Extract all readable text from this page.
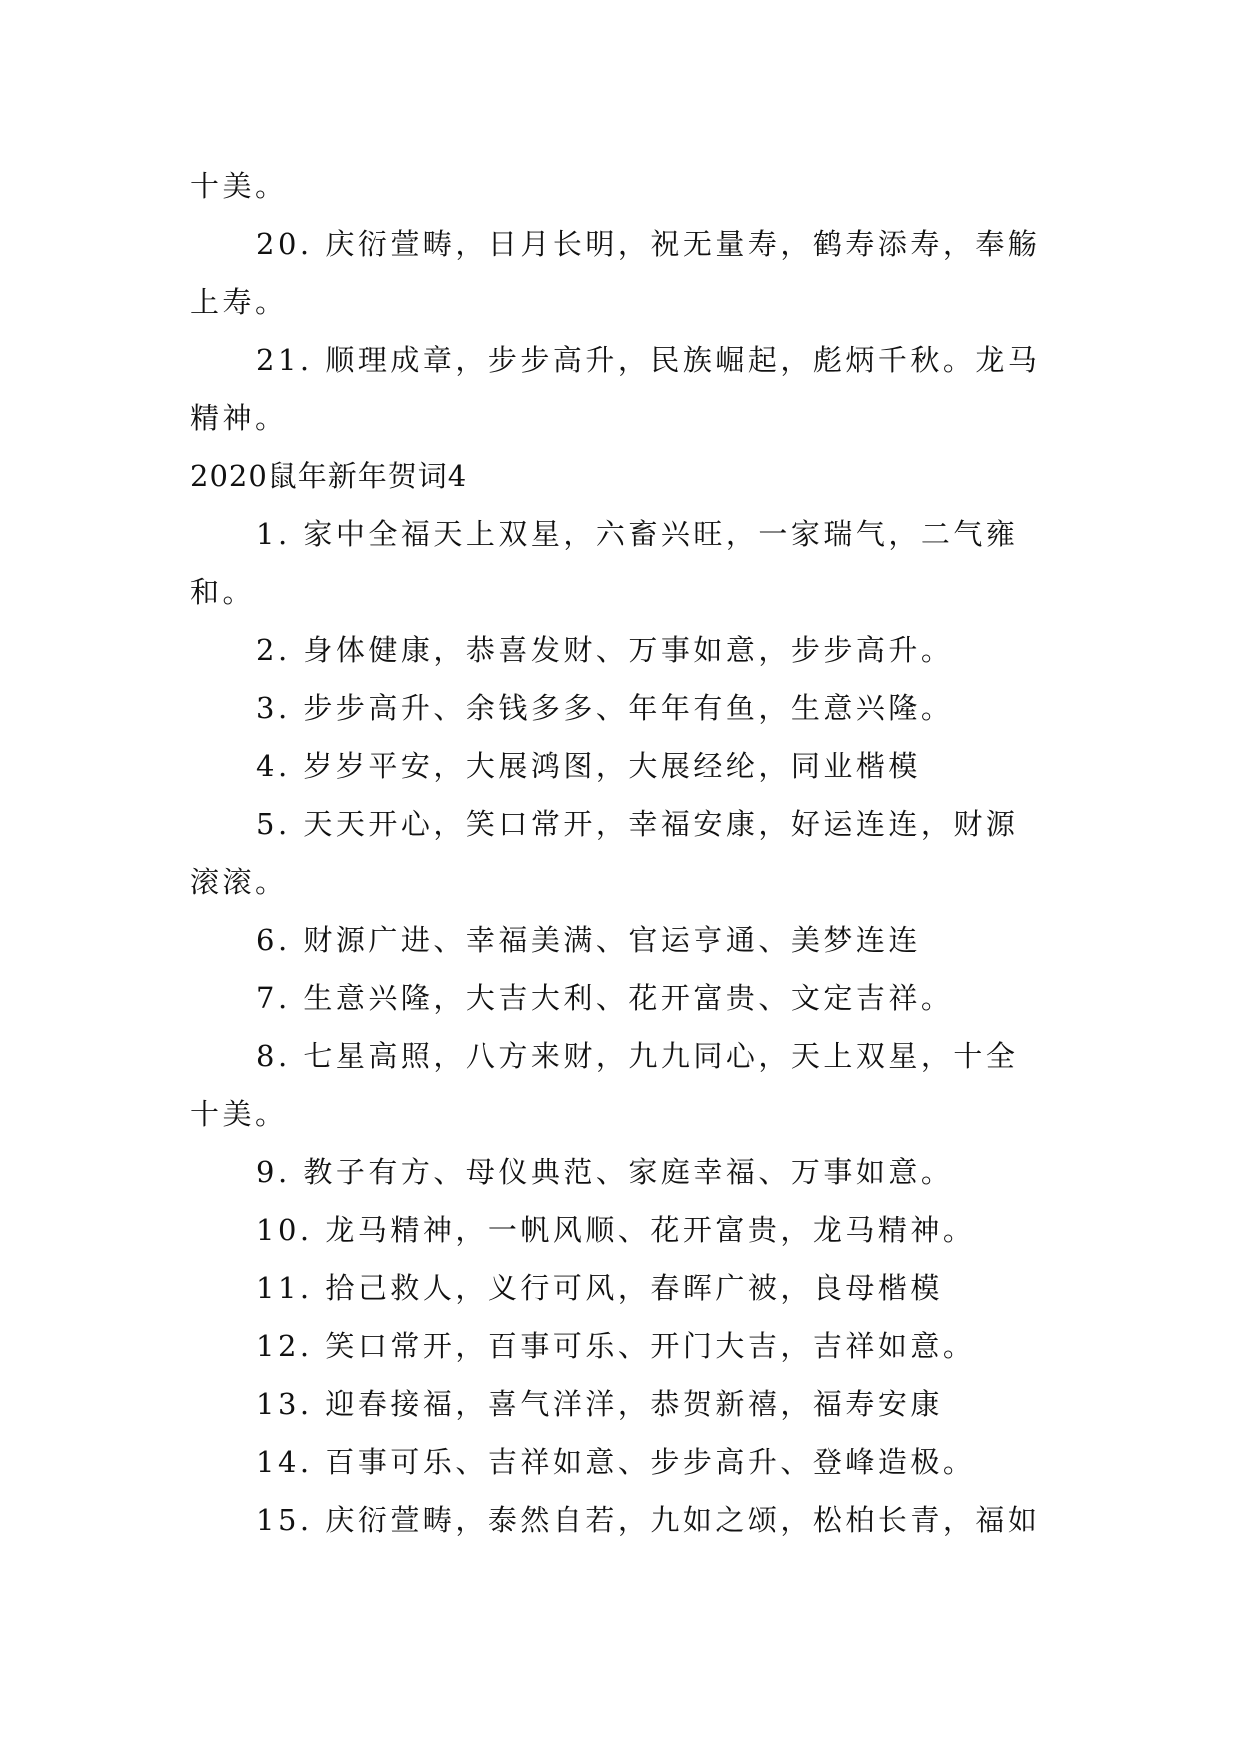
十美。

20. 庆衍萱畴，日月长明，祝无量寿，鹤寿添寿，奉觞上寿。

21. 顺理成章，步步高升，民族崛起，彪炳千秋。龙马精神。

2020鼠年新年贺词4

1. 家中全福天上双星，六畜兴旺，一家瑞气，二气雍和。

2. 身体健康，恭喜发财、万事如意，步步高升。

3. 步步高升、余钱多多、年年有鱼，生意兴隆。

4. 岁岁平安，大展鸿图，大展经纶，同业楷模

5. 天天开心，笑口常开，幸福安康，好运连连，财源滚滚。

6. 财源广进、幸福美满、官运亨通、美梦连连

7. 生意兴隆，大吉大利、花开富贵、文定吉祥。

8. 七星高照，八方来财，九九同心，天上双星，十全十美。

9. 教子有方、母仪典范、家庭幸福、万事如意。

10. 龙马精神，一帆风顺、花开富贵，龙马精神。

11. 拾己救人，义行可风，春晖广被，良母楷模

12. 笑口常开，百事可乐、开门大吉，吉祥如意。

13. 迎春接福，喜气洋洋，恭贺新禧，福寿安康

14. 百事可乐、吉祥如意、步步高升、登峰造极。

15. 庆衍萱畴，泰然自若，九如之颂，松柏长青，福如
